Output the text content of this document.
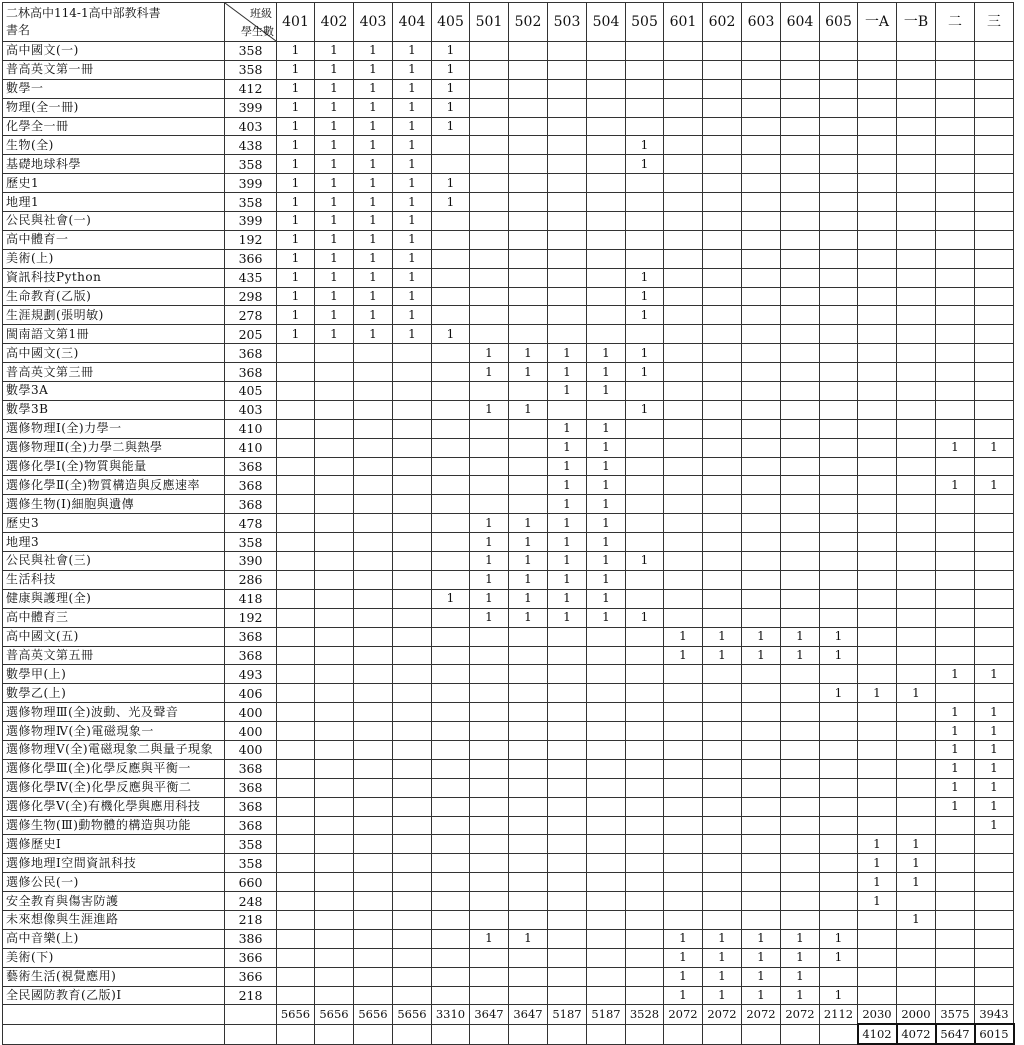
二林高中114-1高中部教科書
書名	班級
學生數	401	402	403	404	405	501	502	503	504	505	601	602	603	604	605	一A	一B	二	三
高中國文(一)	358	1	1	1	1	1														
普高英文第一冊	358	1	1	1	1	1														
數學一	412	1	1	1	1	1														
物理(全一冊)	399	1	1	1	1	1														
化學全一冊	403	1	1	1	1	1														
生物(全)	438	1	1	1	1						1									
基礎地球科學	358	1	1	1	1						1									
歷史1	399	1	1	1	1	1														
地理1	358	1	1	1	1	1														
公民與社會(一)	399	1	1	1	1															
高中體育一	192	1	1	1	1															
美術(上)	366	1	1	1	1															
資訊科技Python	435	1	1	1	1						1									
生命教育(乙版)	298	1	1	1	1						1									
生涯規劃(張明敏)	278	1	1	1	1						1									
閩南語文第1冊	205	1	1	1	1	1														
高中國文(三)	368						1	1	1	1	1									
普高英文第三冊	368						1	1	1	1	1									
數學3A	405								1	1										
數學3B	403						1	1			1									
選修物理I(全)力學一	410								1	1										
選修物理Ⅱ(全)力學二與熱學	410								1	1									1	1
選修化學I(全)物質與能量	368								1	1										
選修化學Ⅱ(全)物質構造與反應速率	368								1	1									1	1
選修生物(I)細胞與遺傳	368								1	1										
歷史3	478						1	1	1	1										
地理3	358						1	1	1	1										
公民與社會(三)	390						1	1	1	1	1									
生活科技	286						1	1	1	1										
健康與護理(全)	418					1	1	1	1	1										
高中體育三	192						1	1	1	1	1									
高中國文(五)	368											1	1	1	1	1				
普高英文第五冊	368											1	1	1	1	1				
數學甲(上)	493																		1	1
數學乙(上)	406															1	1	1		
選修物理Ⅲ(全)波動、光及聲音	400																		1	1
選修物理Ⅳ(全)電磁現象一	400																		1	1
選修物理Ⅴ(全)電磁現象二與量子現象	400																		1	1
選修化學Ⅲ(全)化學反應與平衡一	368																		1	1
選修化學Ⅳ(全)化學反應與平衡二	368																		1	1
選修化學Ⅴ(全)有機化學與應用科技	368																		1	1
選修生物(Ⅲ)動物體的構造與功能	368																			1
選修歷史I	358																1	1		
選修地理I空間資訊科技	358																1	1		
選修公民(一)	660																1	1		
安全教育與傷害防護	248																1			
未來想像與生涯進路	218																	1		
高中音樂(上)	386						1	1				1	1	1	1	1				
美術(下)	366											1	1	1	1	1				
藝術生活(視覺應用)	366											1	1	1	1					
全民國防教育(乙版)I	218											1	1	1	1	1				
		5656	5656	5656	5656	3310	3647	3647	5187	5187	3528	2072	2072	2072	2072	2112	2030	2000	3575	3943
																	4102	4072	5647	6015
